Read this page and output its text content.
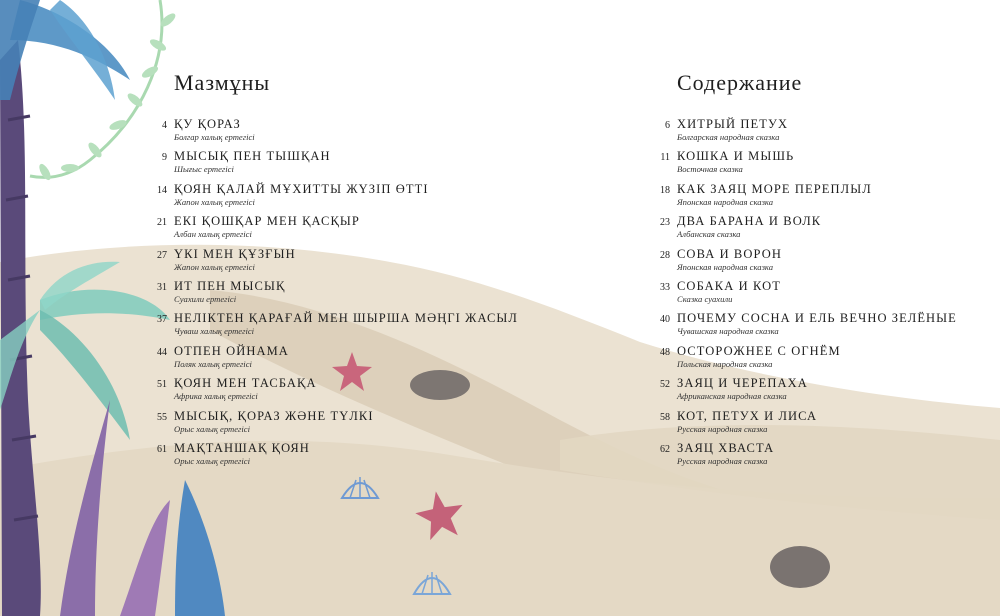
Мазмұны
4 ҚУ ҚОРАЗ
Болгар халық ертегісі
9 МЫСЫҚ ПЕН ТЫШҚАН
Шығыс ертегісі
14 ҚОЯН ҚАЛАЙ МҰХИТТЫ ЖҮЗІП ӨТТІ
Жапон халық ертегісі
21 ЕКІ ҚОШҚАР МЕН ҚАСҚЫР
Албан халық ертегісі
27 ҮКІ МЕН ҚҰЗҒЫН
Жапон халық ертегісі
31 ИТ ПЕН МЫСЫҚ
Суахили ертегісі
37 НЕЛІКТЕН ҚАРАҒАЙ МЕН ШЫРША МӘҢГІ ЖАСЫЛ
Чуваш халық ертегісі
44 ОТПЕН ОЙНАМА
Поляк халық ертегісі
51 ҚОЯН МЕН ТАСБАҚА
Африка халық ертегісі
55 МЫСЫҚ, ҚОРАЗ ЖӘНЕ ТҮЛКІ
Орыс халық ертегісі
61 МАҚТАНШАҚ ҚОЯН
Орыс халық ертегісі
Содержание
6 ХИТРЫЙ ПЕТУХ
Болгарская народная сказка
11 КОШКА И МЫШЬ
Восточная сказка
18 КАК ЗАЯЦ МОРЕ ПЕРЕПЛЫЛ
Японская народная сказка
23 ДВА БАРАНА И ВОЛК
Албанская сказка
28 СОВА И ВОРОН
Японская народная сказка
33 СОБАКА И КОТ
Сказка суахили
40 ПОЧЕМУ СОСНА И ЕЛЬ ВЕЧНО ЗЕЛЁНЫЕ
Чувашская народная сказка
48 ОСТОРОЖНЕЕ С ОГНЁМ
Польская народная сказка
52 ЗАЯЦ И ЧЕРЕПАХА
Африканская народная сказка
58 КОТ, ПЕТУХ И ЛИСА
Русская народная сказка
62 ЗАЯЦ ХВАСТА
Русская народная сказка
